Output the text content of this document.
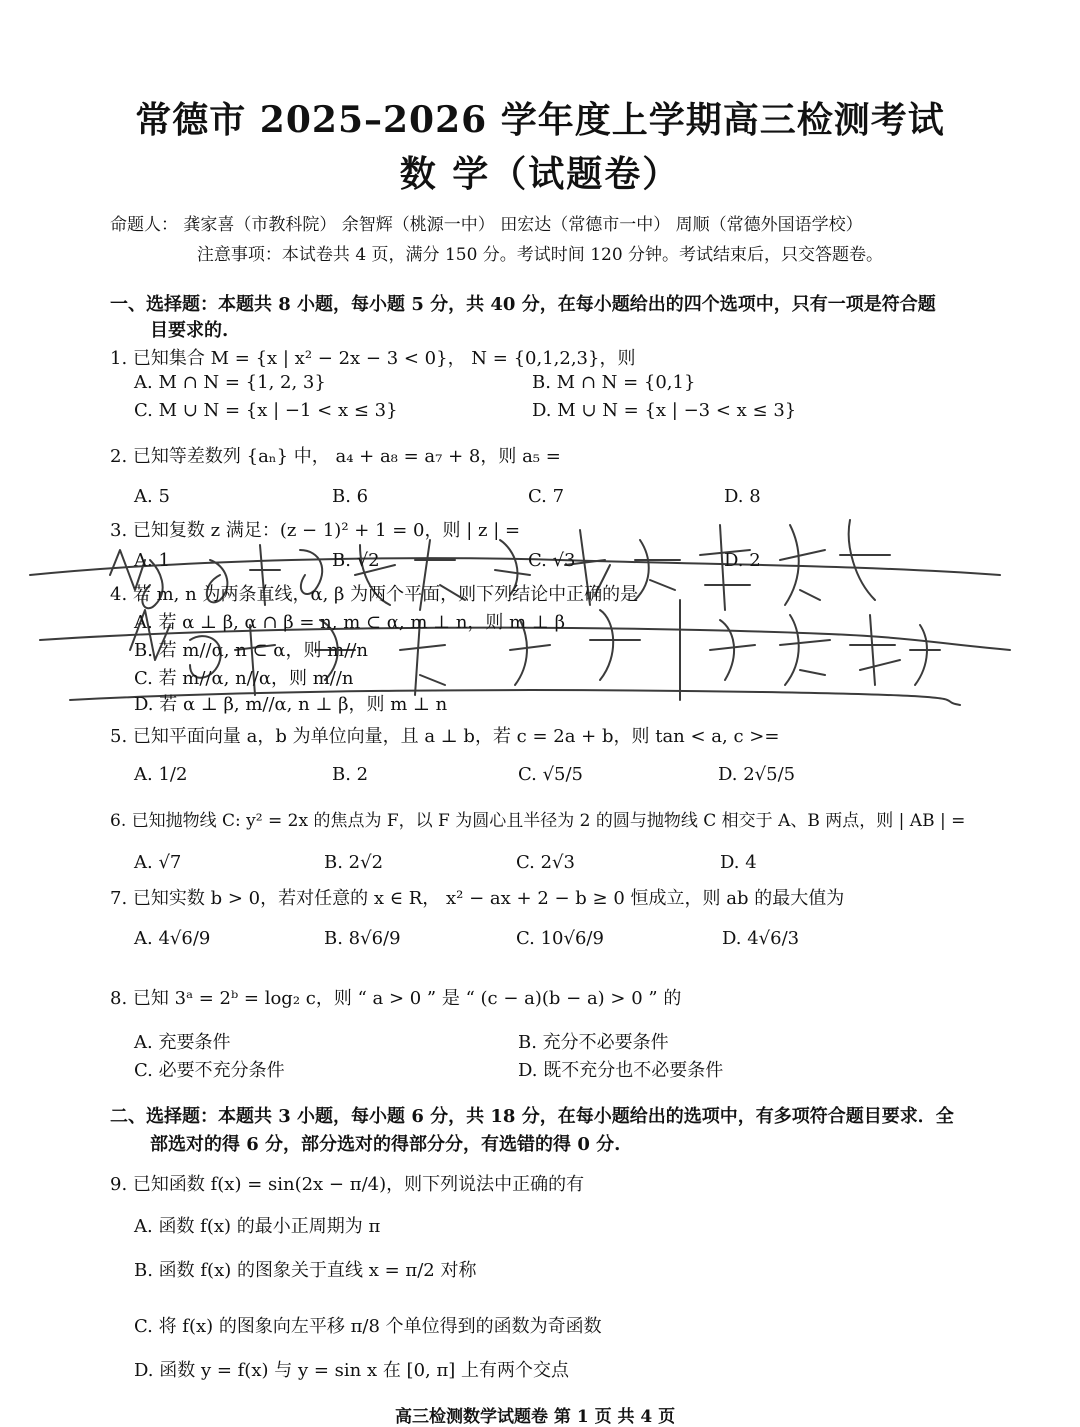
常德市 2025–2026 学年度上学期高三检测考试
数 学（试题卷）
命题人： 龚家喜（市教科院） 余智辉（桃源一中） 田宏达（常德市一中） 周顺（常德外国语学校）
注意事项：本试卷共 4 页，满分 150 分。考试时间 120 分钟。考试结束后，只交答题卷。
一、选择题：本题共 8 小题，每小题 5 分，共 40 分，在每小题给出的四个选项中，只有一项是符合题
目要求的.
1. 已知集合 M = {x | x² − 2x − 3 < 0}， N = {0,1,2,3}，则
A. M ∩ N = {1, 2, 3}	B. M ∩ N = {0,1}
C. M ∪ N = {x | −1 < x ≤ 3}	D. M ∪ N = {x | −3 < x ≤ 3}
2. 已知等差数列 {aₙ} 中， a₄ + a₈ = a₇ + 8，则 a₅ =
A. 5	B. 6	C. 7	D. 8
3. 已知复数 z 满足：(z − 1)² + 1 = 0，则 | z | =
A. 1	B. √2	C. √3	D. 2
4. 若 m, n 为两条直线，α, β 为两个平面，则下列结论中正确的是
A. 若 α ⊥ β, α ∩ β = n, m ⊂ α, m ⊥ n，则 m ⊥ β
B. 若 m//α, n ⊂ α，则 m//n
C. 若 m//α, n//α，则 m//n
D. 若 α ⊥ β, m//α, n ⊥ β，则 m ⊥ n
5. 已知平面向量 a，b 为单位向量，且 a ⊥ b，若 c = 2a + b，则 tan < a, c >=
A. 1/2	B. 2	C. √5/5	D. 2√5/5
6. 已知抛物线 C: y² = 2x 的焦点为 F，以 F 为圆心且半径为 2 的圆与抛物线 C 相交于 A、B 两点，则 | AB | =
A. √7	B. 2√2	C. 2√3	D. 4
7. 已知实数 b > 0，若对任意的 x ∈ R， x² − ax + 2 − b ≥ 0 恒成立，则 ab 的最大值为
A. 4√6/9	B. 8√6/9	C. 10√6/9	D. 4√6/3
8. 已知 3ᵃ = 2ᵇ = log₂ c，则 “ a > 0 ” 是 “ (c − a)(b − a) > 0 ” 的
A. 充要条件	B. 充分不必要条件
C. 必要不充分条件	D. 既不充分也不必要条件
二、选择题：本题共 3 小题，每小题 6 分，共 18 分，在每小题给出的选项中，有多项符合题目要求．全
部选对的得 6 分，部分选对的得部分分，有选错的得 0 分.
9. 已知函数 f(x) = sin(2x − π/4)，则下列说法中正确的有
A. 函数 f(x) 的最小正周期为 π
B. 函数 f(x) 的图象关于直线 x = π/2 对称
C. 将 f(x) 的图象向左平移 π/8 个单位得到的函数为奇函数
D. 函数 y = f(x) 与 y = sin x 在 [0, π] 上有两个交点
高三检测数学试题卷 第 1 页 共 4 页
